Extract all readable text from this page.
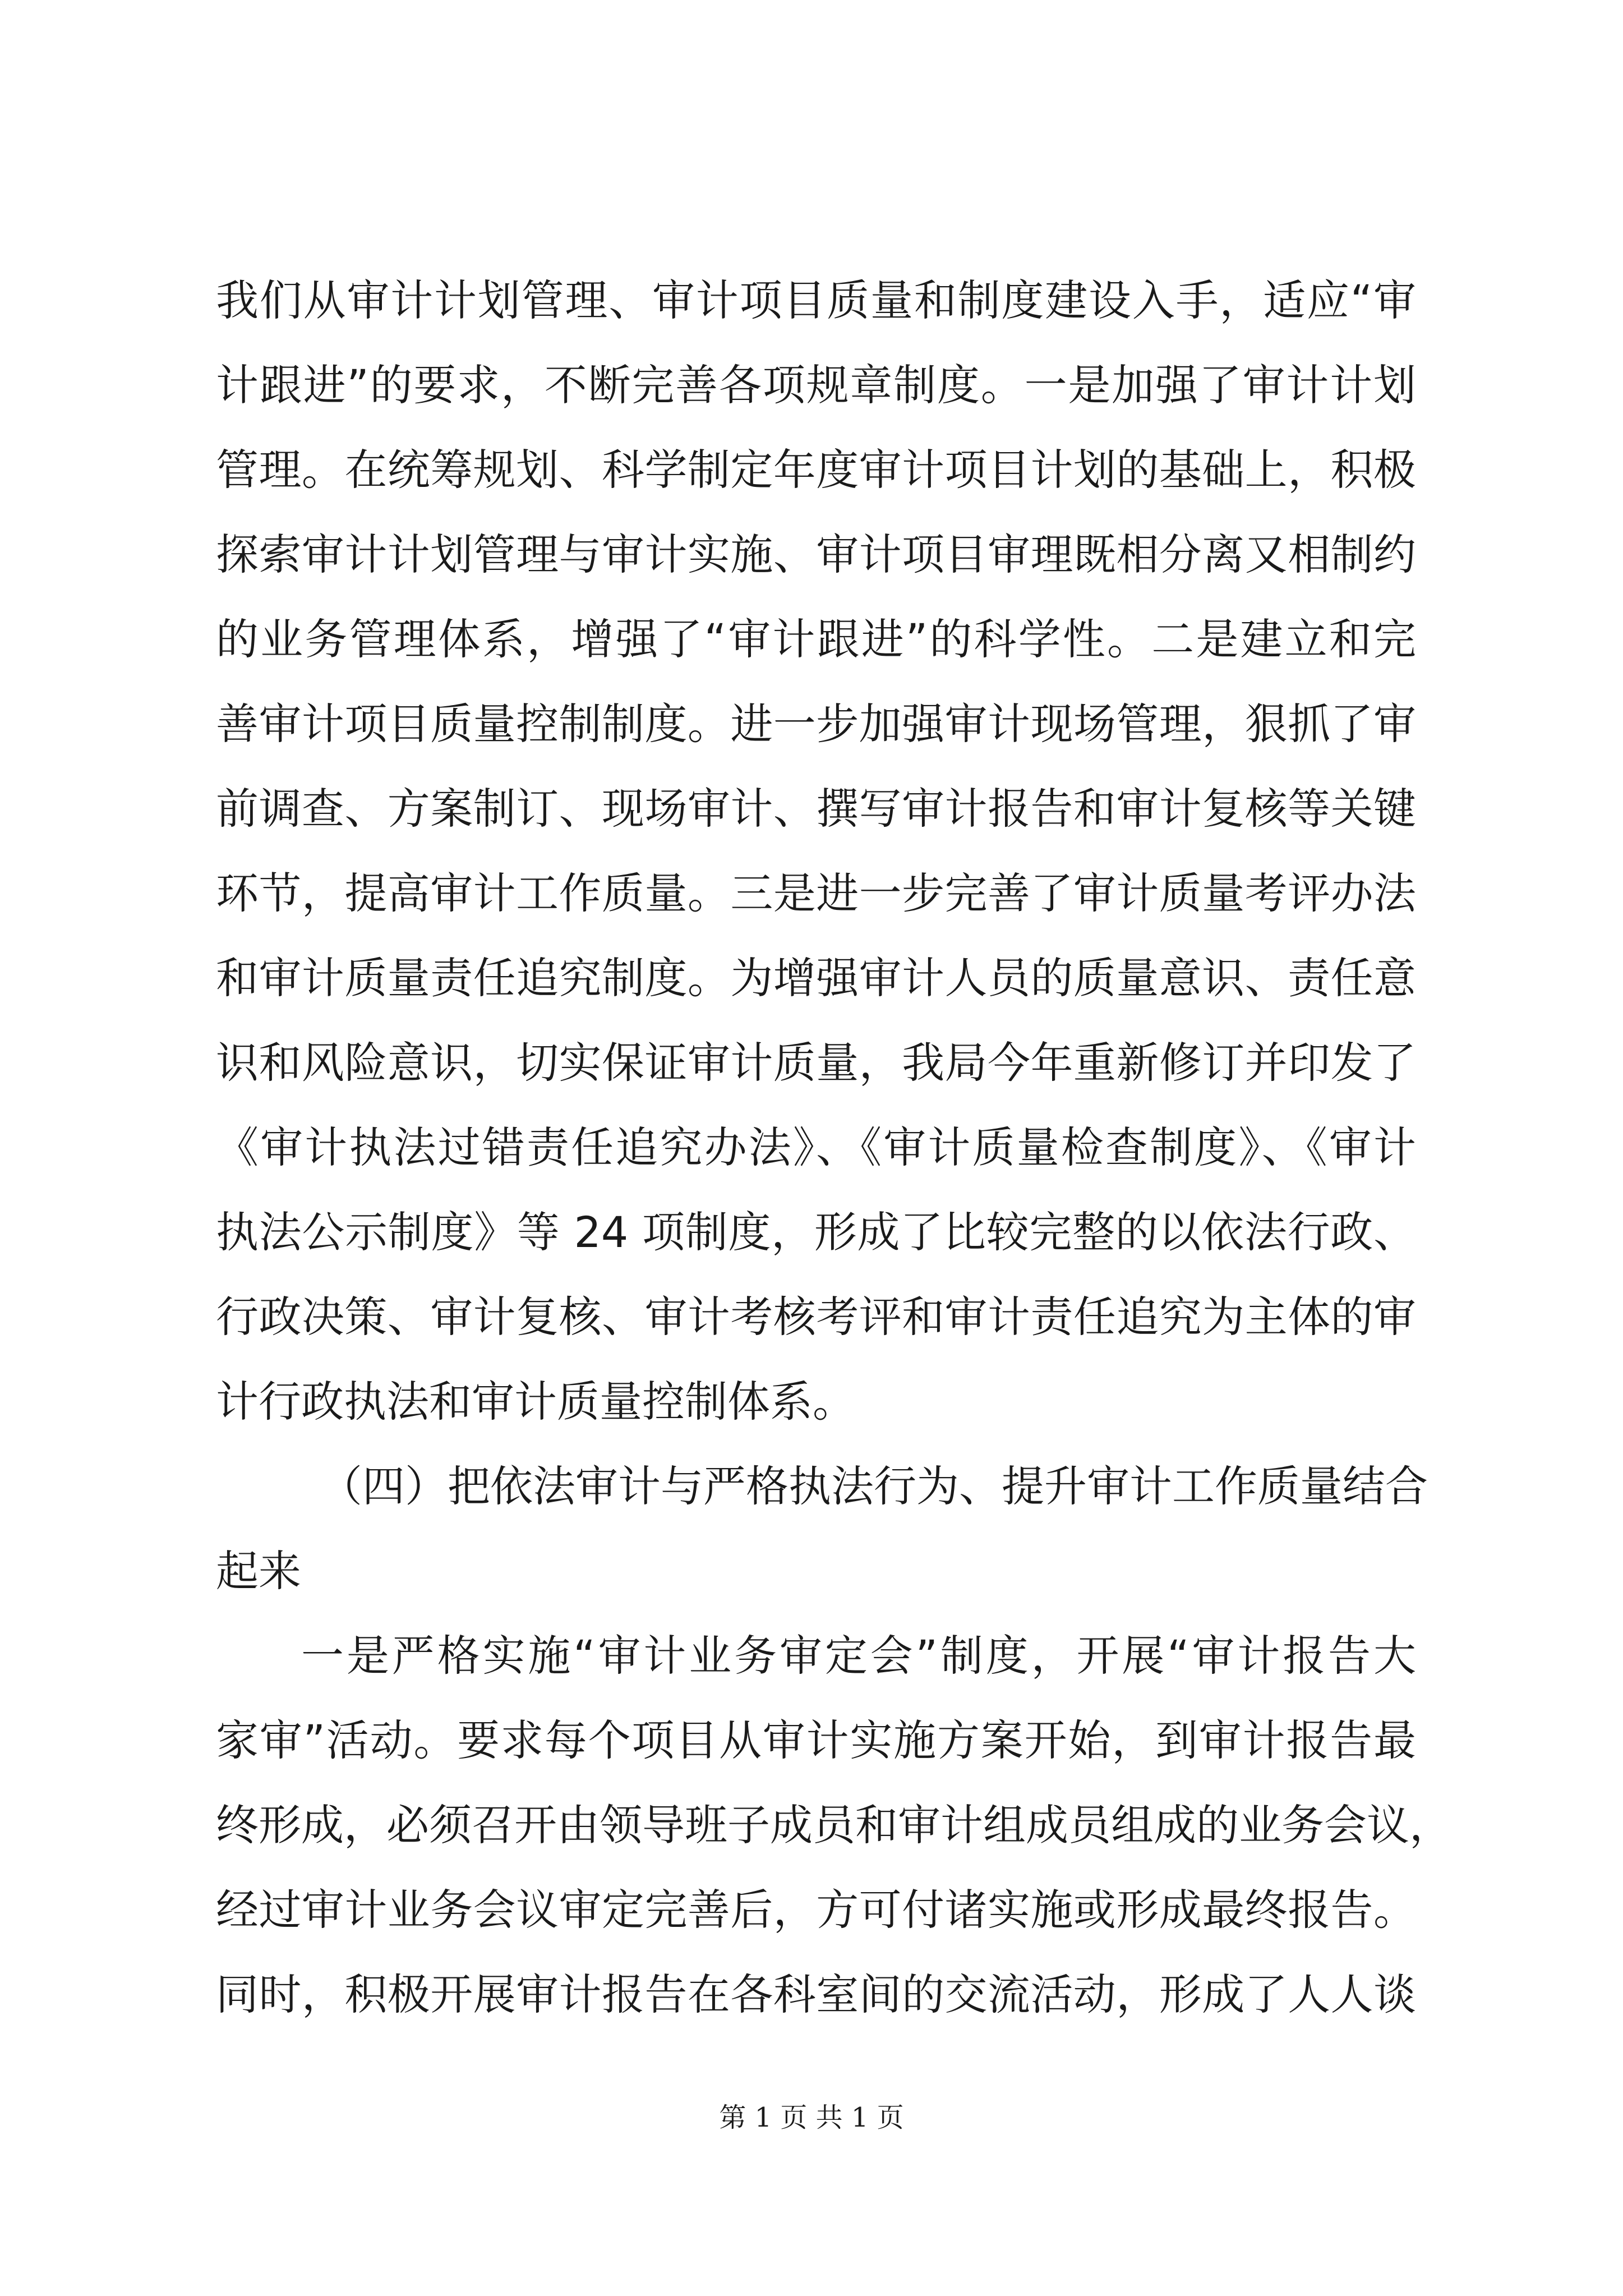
我们从审计计划管理、审计项目质量和制度建设入手，适应“审
计跟进”的要求，不断完善各项规章制度。一是加强了审计计划
管理。在统筹规划、科学制定年度审计项目计划的基础上，积极
探索审计计划管理与审计实施、审计项目审理既相分离又相制约
的业务管理体系，增强了“审计跟进”的科学性。二是建立和完
善审计项目质量控制制度。进一步加强审计现场管理，狠抓了审
前调查、方案制订、现场审计、撰写审计报告和审计复核等关键
环节，提高审计工作质量。三是进一步完善了审计质量考评办法
和审计质量责任追究制度。为增强审计人员的质量意识、责任意
识和风险意识，切实保证审计质量，我局今年重新修订并印发了
《审计执法过错责任追究办法》、《审计质量检查制度》、《审计
执法公示制度》等 24 项制度，形成了比较完整的以依法行政、
行政决策、审计复核、审计考核考评和审计责任追究为主体的审
计行政执法和审计质量控制体系。
（四）把依法审计与严格执法行为、提升审计工作质量结合
起来
一是严格实施“审计业务审定会”制度，开展“审计报告大
家审”活动。要求每个项目从审计实施方案开始，到审计报告最
终形成，必须召开由领导班子成员和审计组成员组成的业务会议，
经过审计业务会议审定完善后，方可付诸实施或形成最终报告。
同时，积极开展审计报告在各科室间的交流活动，形成了人人谈
第 1 页 共 1 页
